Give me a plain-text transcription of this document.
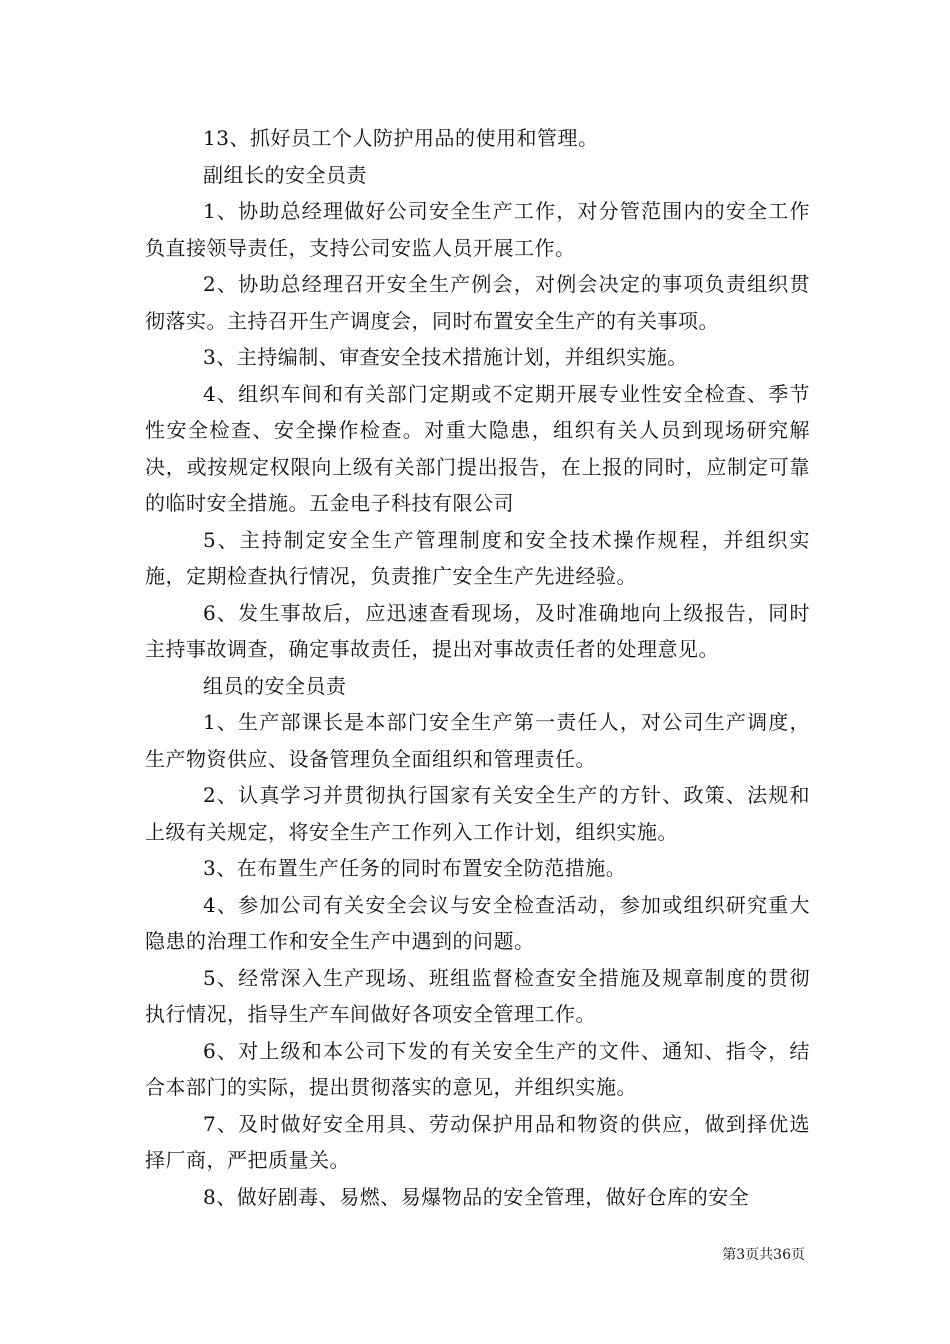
13、抓好员工个人防护用品的使用和管理。

副组长的安全员责

1、协助总经理做好公司安全生产工作，对分管范围内的安全工作负直接领导责任，支持公司安监人员开展工作。

2、协助总经理召开安全生产例会，对例会决定的事项负责组织贯彻落实。主持召开生产调度会，同时布置安全生产的有关事项。

3、主持编制、审查安全技术措施计划，并组织实施。

4、组织车间和有关部门定期或不定期开展专业性安全检查、季节性安全检查、安全操作检查。对重大隐患，组织有关人员到现场研究解决，或按规定权限向上级有关部门提出报告，在上报的同时，应制定可靠的临时安全措施。五金电子科技有限公司

5、主持制定安全生产管理制度和安全技术操作规程，并组织实施，定期检查执行情况，负责推广安全生产先进经验。

6、发生事故后，应迅速查看现场，及时准确地向上级报告，同时主持事故调查，确定事故责任，提出对事故责任者的处理意见。

组员的安全员责

1、生产部课长是本部门安全生产第一责任人，对公司生产调度，生产物资供应、设备管理负全面组织和管理责任。

2、认真学习并贯彻执行国家有关安全生产的方针、政策、法规和上级有关规定，将安全生产工作列入工作计划，组织实施。

3、在布置生产任务的同时布置安全防范措施。

4、参加公司有关安全会议与安全检查活动，参加或组织研究重大隐患的治理工作和安全生产中遇到的问题。

5、经常深入生产现场、班组监督检查安全措施及规章制度的贯彻执行情况，指导生产车间做好各项安全管理工作。

6、对上级和本公司下发的有关安全生产的文件、通知、指令，结合本部门的实际，提出贯彻落实的意见，并组织实施。

7、及时做好安全用具、劳动保护用品和物资的供应，做到择优选择厂商，严把质量关。

8、做好剧毒、易燃、易爆物品的安全管理，做好仓库的安全

第3页共36页
